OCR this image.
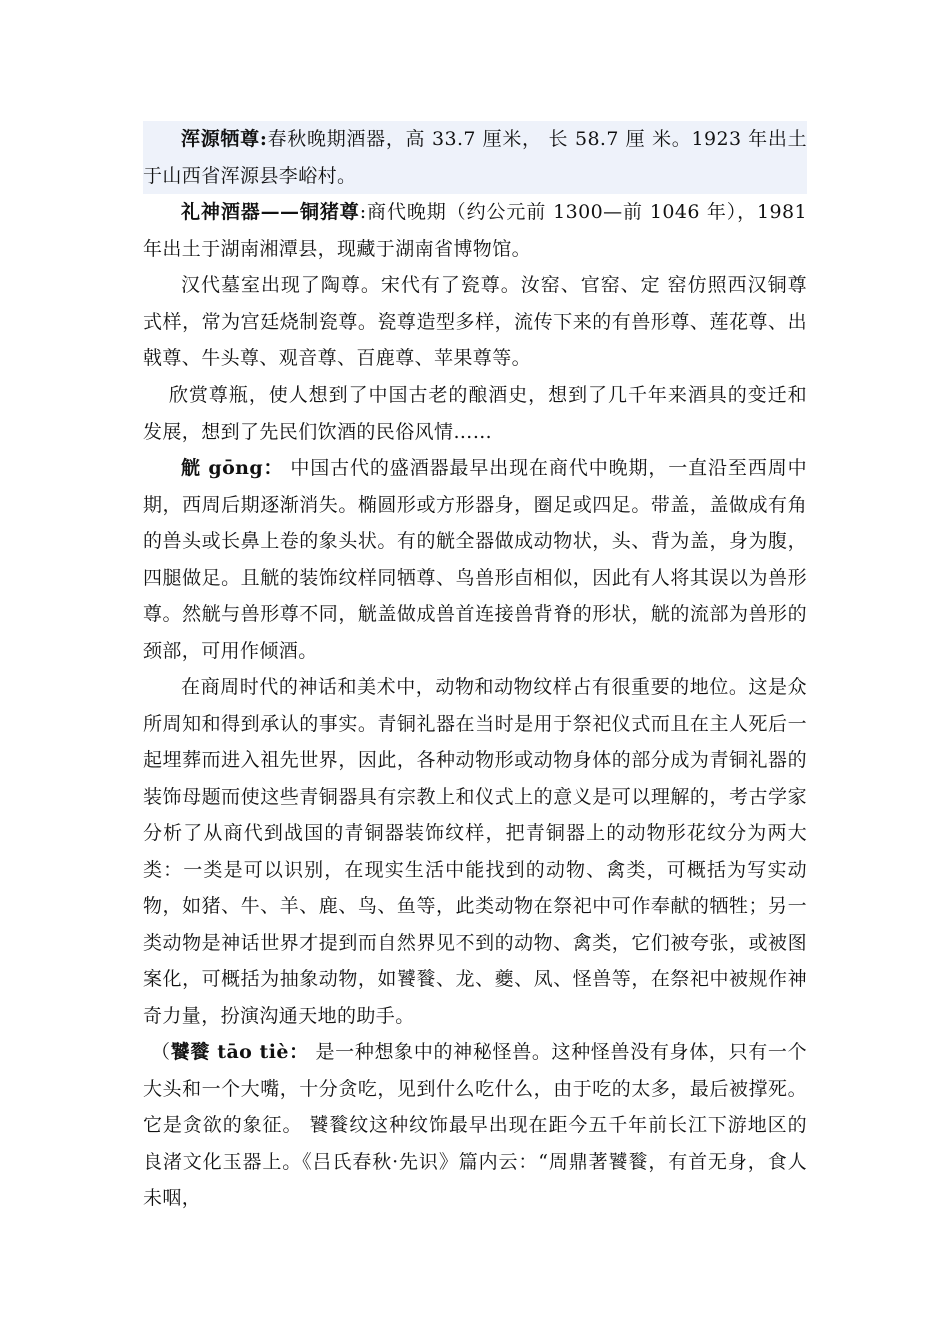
浑源牺尊:春秋晚期酒器，高 33.7 厘米， 长 58.7 厘 米。1923 年出土于山西省浑源县李峪村。
礼神酒器——铜猪尊:商代晚期（约公元前 1300—前 1046 年），1981 年出土于湖南湘潭县，现藏于湖南省博物馆。
汉代墓室出现了陶尊。宋代有了瓷尊。汝窑、官窑、定 窑仿照西汉铜尊式样，常为宫廷烧制瓷尊。瓷尊造型多样，流传下来的有兽形尊、莲花尊、出戟尊、牛头尊、观音尊、百鹿尊、苹果尊等。
欣赏尊瓶，使人想到了中国古老的酿酒史，想到了几千年来酒具的变迁和发展，想到了先民们饮酒的民俗风情……
觥 gōng： 中国古代的盛酒器最早出现在商代中晚期，一直沿至西周中期，西周后期逐渐消失。椭圆形或方形器身，圈足或四足。带盖，盖做成有角的兽头或长鼻上卷的象头状。有的觥全器做成动物状，头、背为盖，身为腹，四腿做足。且觥的装饰纹样同牺尊、鸟兽形卣相似，因此有人将其误以为兽形尊。然觥与兽形尊不同，觥盖做成兽首连接兽背脊的形状，觥的流部为兽形的颈部，可用作倾酒。
在商周时代的神话和美术中，动物和动物纹样占有很重要的地位。这是众所周知和得到承认的事实。青铜礼器在当时是用于祭祀仪式而且在主人死后一起埋葬而进入祖先世界，因此，各种动物形或动物身体的部分成为青铜礼器的装饰母题而使这些青铜器具有宗教上和仪式上的意义是可以理解的，考古学家分析了从商代到战国的青铜器装饰纹样，把青铜器上的动物形花纹分为两大类：一类是可以识别，在现实生活中能找到的动物、禽类，可概括为写实动物，如猪、牛、羊、鹿、鸟、鱼等，此类动物在祭祀中可作奉献的牺牲；另一类动物是神话世界才提到而自然界见不到的动物、禽类，它们被夸张，或被图案化，可概括为抽象动物，如饕餮、龙、夔、凤、怪兽等，在祭祀中被规作神奇力量，扮演沟通天地的助手。
（饕餮 tāo tiè： 是一种想象中的神秘怪兽。这种怪兽没有身体，只有一个大头和一个大嘴，十分贪吃，见到什么吃什么，由于吃的太多，最后被撑死。它是贪欲的象征。 饕餮纹这种纹饰最早出现在距今五千年前长江下游地区的良渚文化玉器上。《吕氏春秋·先识》篇内云：“周鼎著饕餮，有首无身，食人未咽，
